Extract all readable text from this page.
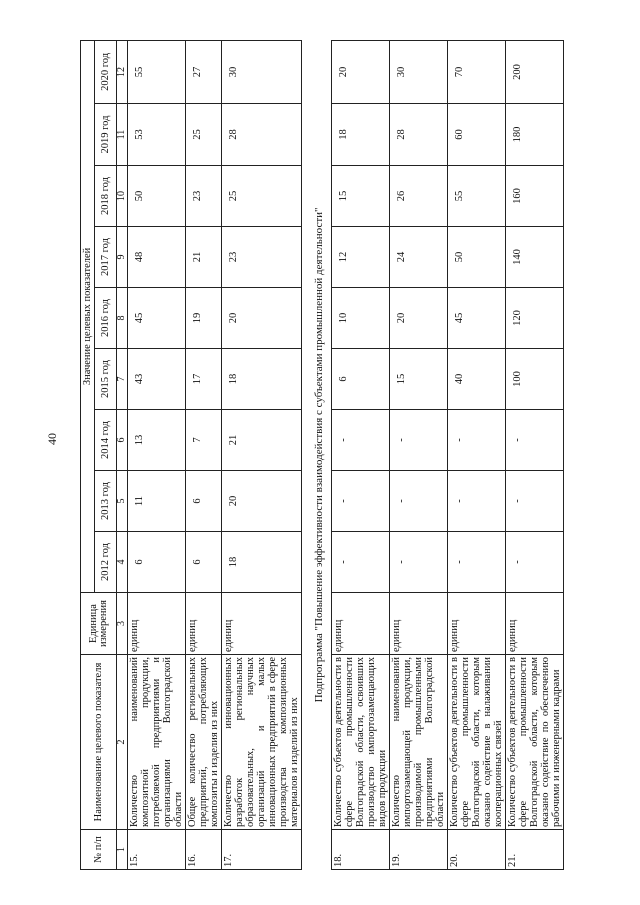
40
№ п/п	Наименование целевого показателя	Единица измерения	Значение целевых показателей								
			2012 год	2013 год	2014 год	2015 год	2016 год	2017 год	2018 год	2019 год	2020 год
1	2	3	4	5	6	7	8	9	10	11	12
15.	Количество наименований композитной продукции, потребляемой предприятиями и организациями Волгоградской области	единиц	6	11	13	43	45	48	50	53	55
16.	Общее количество региональных предприятий, потребляющих композиты и изделия из них	единиц	6	6	7	17	19	21	23	25	27
17.	Количество инновационных разработок региональных образовательных, научных организаций и малых инновационных предприятий в сфере производства композиционных материалов и изделий из них	единиц	18	20	21	18	20	23	25	28	30
Подпрограмма "Повышение эффективности взаимодействия с субъектами промышленной деятельности"											
18.	Количество субъектов деятельности в сфере промышленности Волгоградской области, освоивших производство импортозамещающих видов продукции	единиц	-	-	-	6	10	12	15	18	20
19.	Количество наименований импортозамещающей продукции, производимой промышленными предприятиями Волгоградской области	единиц	-	-	-	15	20	24	26	28	30
20.	Количество субъектов деятельности в сфере промышленности Волгоградской области, которым оказано содействие в налаживании кооперационных связей	единиц	-	-	-	40	45	50	55	60	70
21.	Количество субъектов деятельности в сфере промышленности Волгоградской области, которым оказано содействие по обеспечению рабочими и инженерными кадрами	единиц	-	-	-	100	120	140	160	180	200
